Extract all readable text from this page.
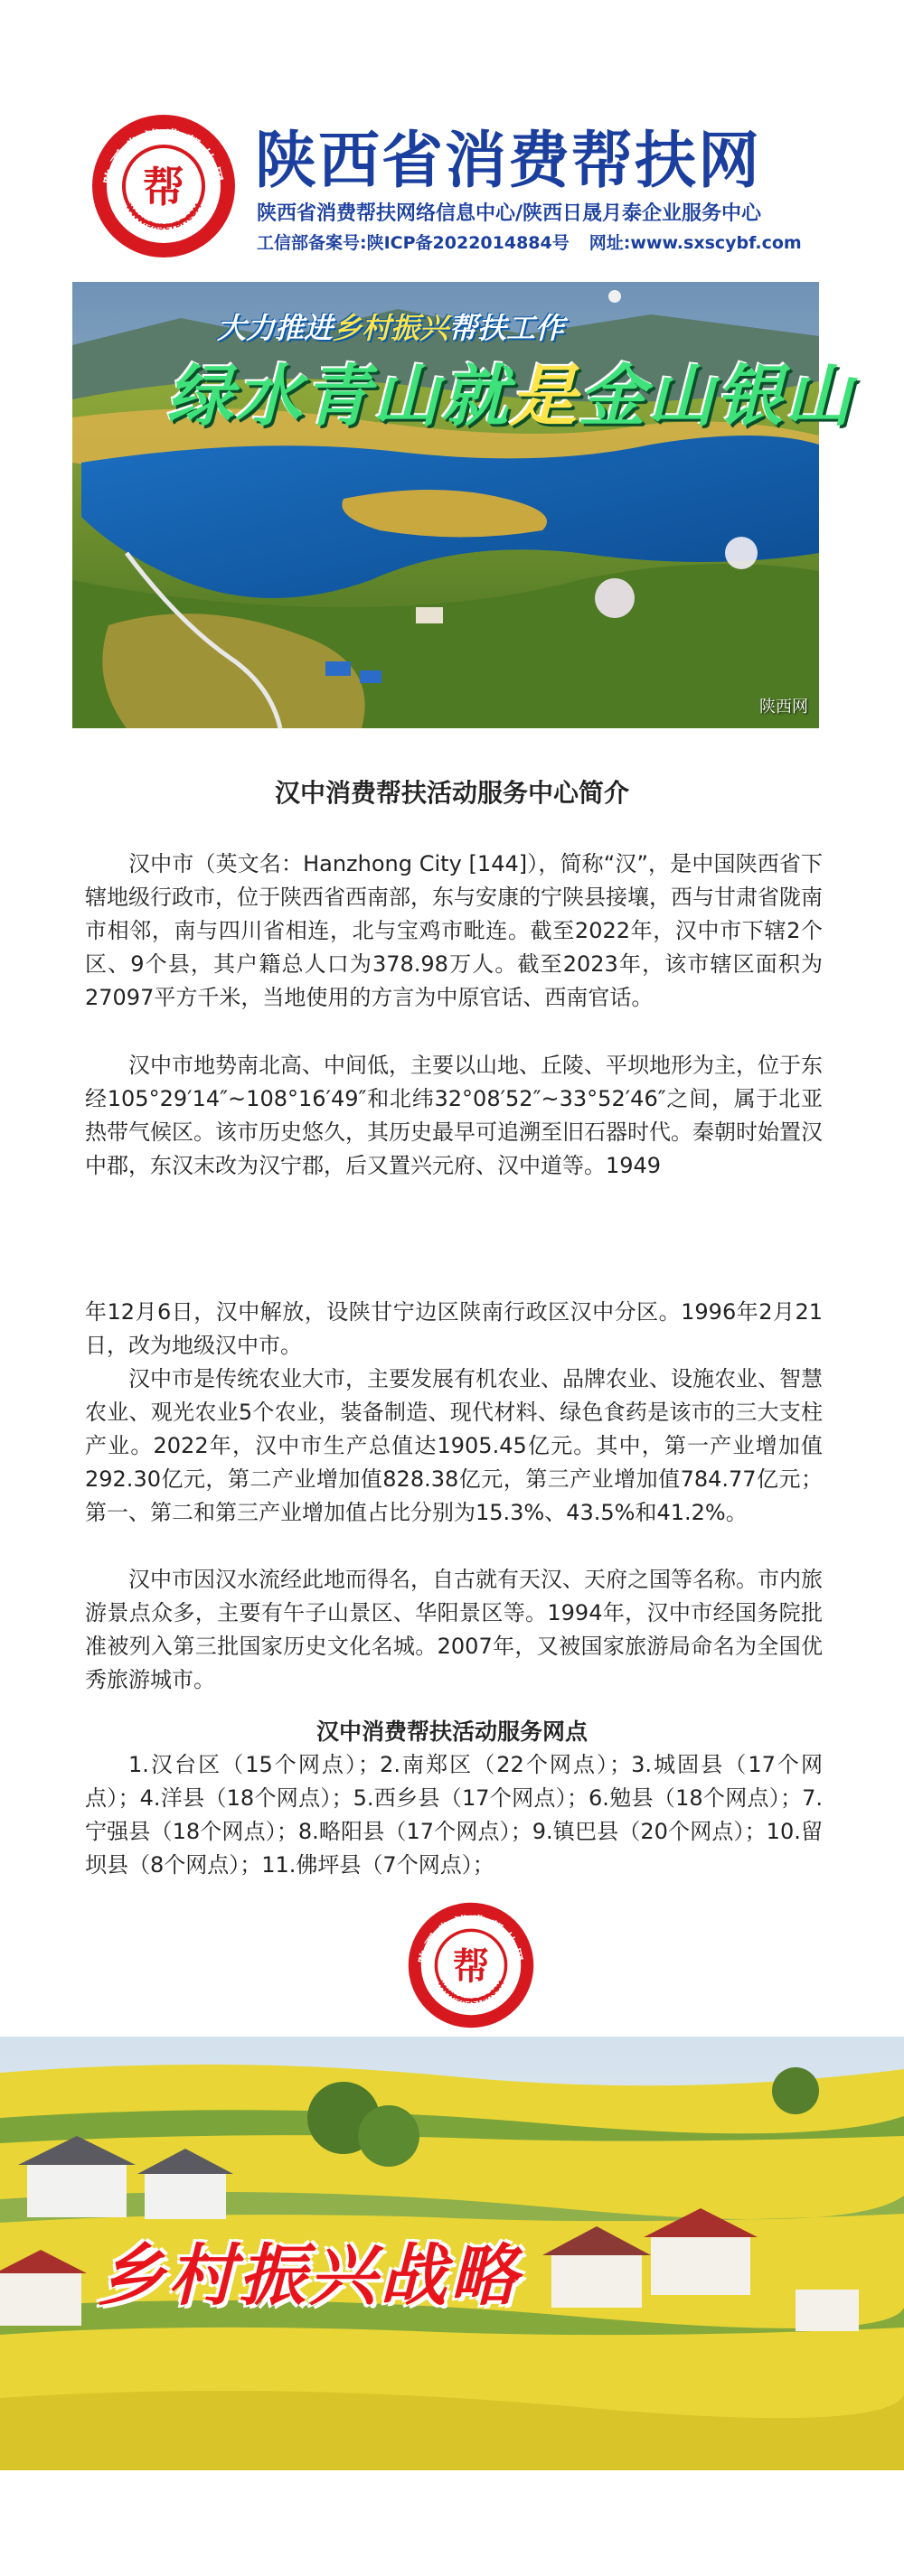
陕西省消费帮扶网
WWW.SXSCYBF.COM
帮 陕西省消费帮扶网
陕西省消费帮扶网络信息中心/陕西日晟月泰企业服务中心
工信部备案号:陕ICP备2022014884号 网址:www.sxscybf.com
大力推进乡村振兴帮扶工作
绿水青山就是金山银山
陕西网
汉中消费帮扶活动服务中心简介

汉中市（英文名：Hanzhong City [144]），简称“汉”，是中国陕西省下辖地级行政市，位于陕西省西南部，东与安康的宁陕县接壤，西与甘肃省陇南市相邻，南与四川省相连，北与宝鸡市毗连。截至2022年，汉中市下辖2个区、9个县，其户籍总人口为378.98万人。截至2023年，该市辖区面积为27097平方千米，当地使用的方言为中原官话、西南官话。

汉中市地势南北高、中间低，主要以山地、丘陵、平坝地形为主，位于东经105°29′14″~108°16′49″和北纬32°08′52″~33°52′46″之间，属于北亚热带气候区。该市历史悠久，其历史最早可追溯至旧石器时代。秦朝时始置汉中郡，东汉末改为汉宁郡，后又置兴元府、汉中道等。1949

年12月6日，汉中解放，设陕甘宁边区陕南行政区汉中分区。1996年2月21日，改为地级汉中市。

汉中市是传统农业大市，主要发展有机农业、品牌农业、设施农业、智慧农业、观光农业5个农业，装备制造、现代材料、绿色食药是该市的三大支柱产业。2022年，汉中市生产总值达1905.45亿元。其中，第一产业增加值292.30亿元，第二产业增加值828.38亿元，第三产业增加值784.77亿元；第一、第二和第三产业增加值占比分别为15.3%、43.5%和41.2%。

汉中市因汉水流经此地而得名，自古就有天汉、天府之国等名称。市内旅游景点众多，主要有午子山景区、华阳景区等。1994年，汉中市经国务院批准被列入第三批国家历史文化名城。2007年，又被国家旅游局命名为全国优秀旅游城市。

汉中消费帮扶活动服务网点

1.汉台区（15个网点）；2.南郑区（22个网点）；3.城固县（17个网点）；4.洋县（18个网点）；5.西乡县（17个网点）；6.勉县（18个网点）；7.宁强县（18个网点）；8.略阳县（17个网点）；9.镇巴县（20个网点）；10.留坝县（8个网点）；11.佛坪县（7个网点）；

陕西省消费帮扶网
WWW.SXSCYBF.COM
帮
乡村振兴战略
